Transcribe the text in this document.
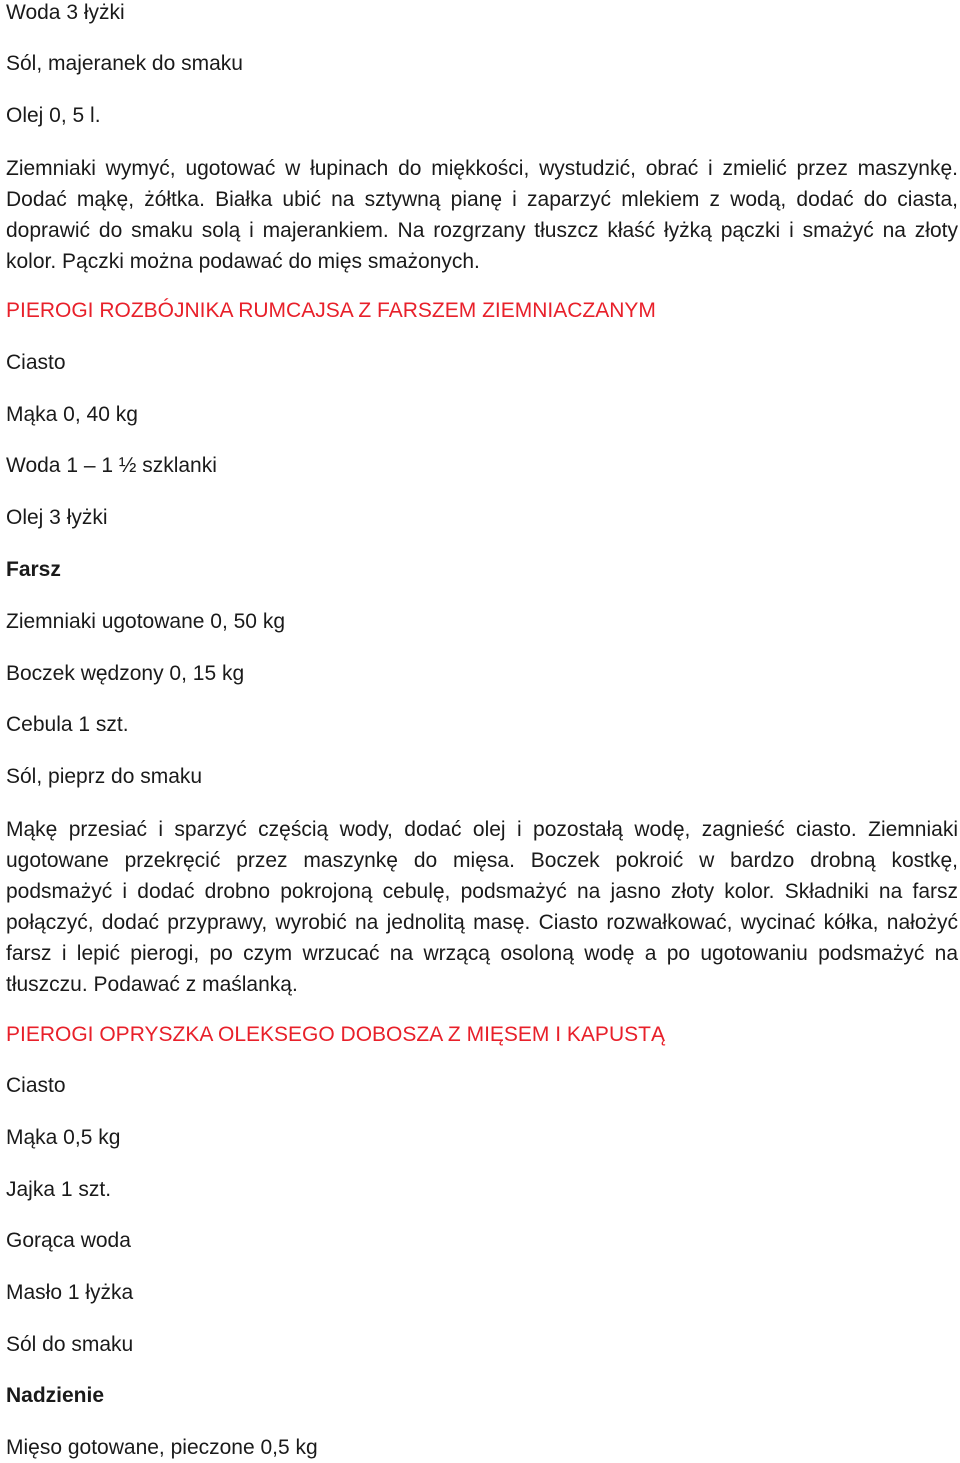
Woda 3 łyżki
Sól, majeranek do smaku
Olej 0, 5 l.
Ziemniaki wymyć, ugotować w łupinach do miękkości, wystudzić, obrać i zmielić przez maszynkę. Dodać mąkę, żółtka. Białka ubić na sztywną pianę i zaparzyć mlekiem z wodą, dodać do ciasta, doprawić do smaku solą i majerankiem. Na rozgrzany tłuszcz kłaść łyżką pączki i smażyć na złoty kolor. Pączki można podawać do mięs smażonych.
PIEROGI ROZBÓJNIKA RUMCAJSA Z FARSZEM ZIEMNIACZANYM
Ciasto
Mąka 0, 40 kg
Woda 1 – 1 ½ szklanki
Olej 3 łyżki
Farsz
Ziemniaki ugotowane 0, 50 kg
Boczek wędzony 0, 15 kg
Cebula 1 szt.
Sól, pieprz do smaku
Mąkę przesiać i sparzyć częścią wody, dodać olej i pozostałą wodę, zagnieść ciasto. Ziemniaki ugotowane przekręcić przez maszynkę do mięsa. Boczek pokroić w bardzo drobną kostkę, podsmażyć i dodać drobno pokrojoną cebulę, podsmażyć na jasno złoty kolor. Składniki na farsz połączyć, dodać przyprawy, wyrobić na jednolitą masę. Ciasto rozwałkować, wycinać kółka, nałożyć farsz i lepić pierogi, po czym wrzucać na wrzącą osoloną wodę a po ugotowaniu podsmażyć na tłuszczu. Podawać z maślanką.
PIEROGI OPRYSZKA OLEKSEGO DOBOSZA Z MIĘSEM I KAPUSTĄ
Ciasto
Mąka 0,5 kg
Jajka 1 szt.
Gorąca woda
Masło 1 łyżka
Sól do smaku
Nadzienie
Mięso gotowane, pieczone 0,5 kg
